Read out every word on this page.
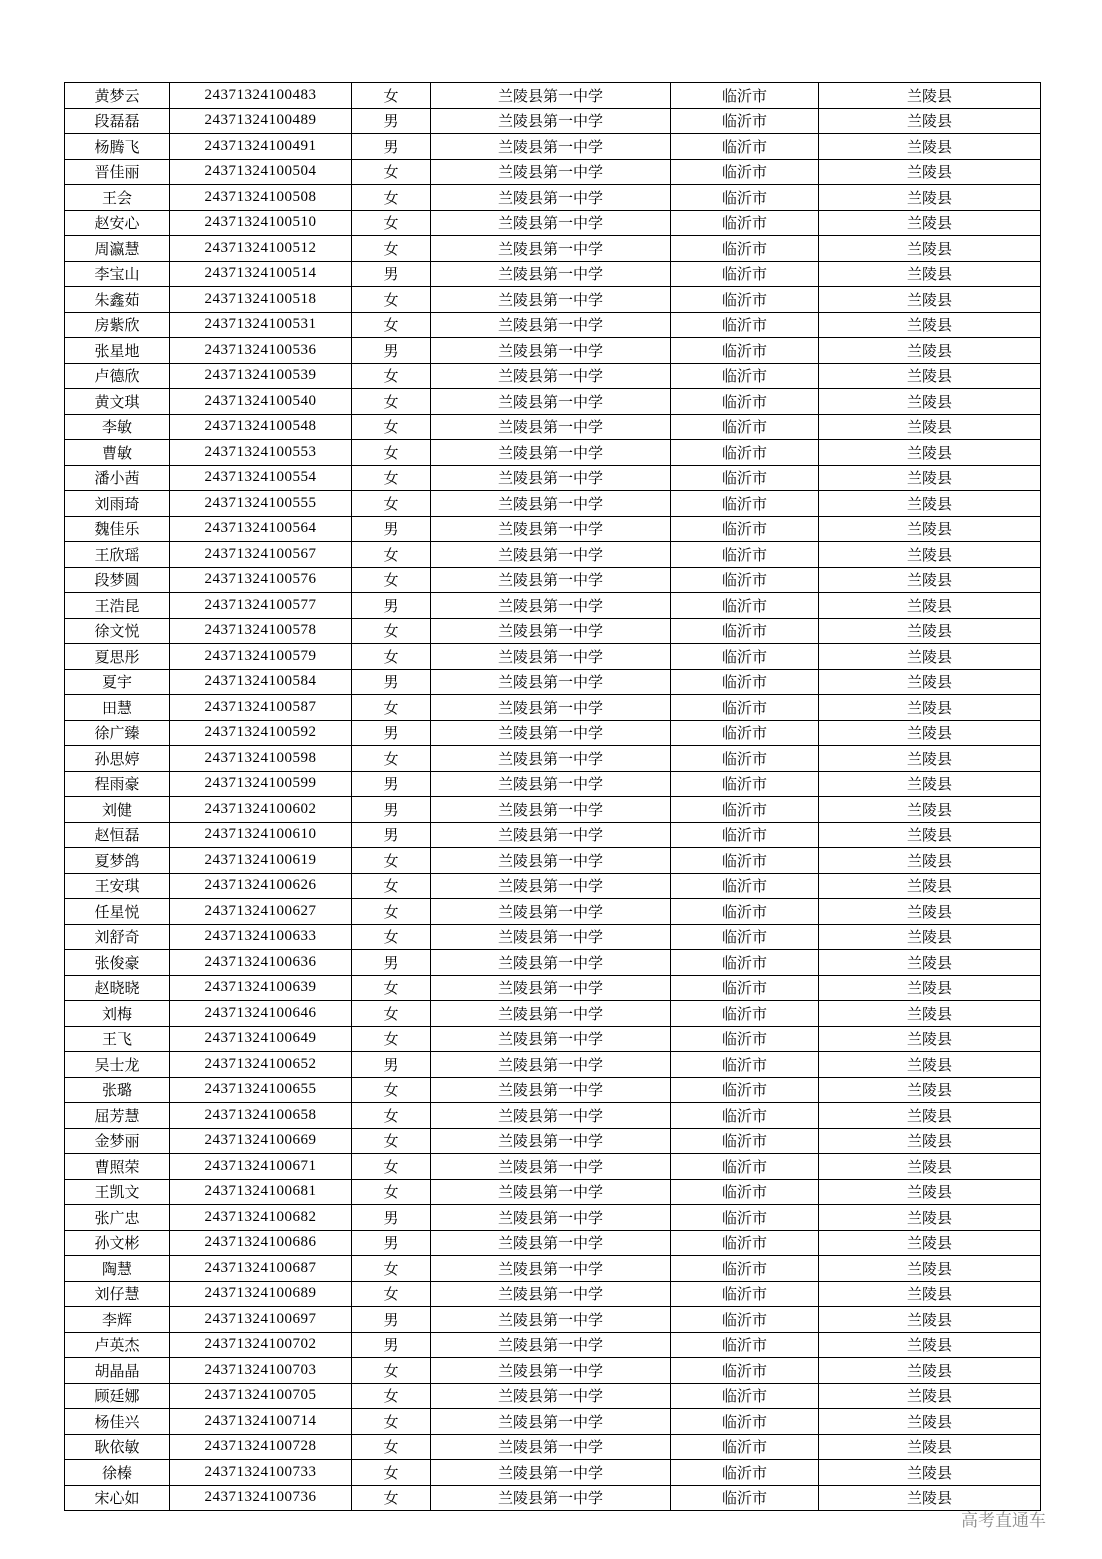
黄梦云	24371324100483	女	兰陵县第一中学	临沂市	兰陵县
段磊磊	24371324100489	男	兰陵县第一中学	临沂市	兰陵县
杨腾飞	24371324100491	男	兰陵县第一中学	临沂市	兰陵县
晋佳丽	24371324100504	女	兰陵县第一中学	临沂市	兰陵县
王会	24371324100508	女	兰陵县第一中学	临沂市	兰陵县
赵安心	24371324100510	女	兰陵县第一中学	临沂市	兰陵县
周瀛慧	24371324100512	女	兰陵县第一中学	临沂市	兰陵县
李宝山	24371324100514	男	兰陵县第一中学	临沂市	兰陵县
朱鑫茹	24371324100518	女	兰陵县第一中学	临沂市	兰陵县
房紫欣	24371324100531	女	兰陵县第一中学	临沂市	兰陵县
张星地	24371324100536	男	兰陵县第一中学	临沂市	兰陵县
卢德欣	24371324100539	女	兰陵县第一中学	临沂市	兰陵县
黄文琪	24371324100540	女	兰陵县第一中学	临沂市	兰陵县
李敏	24371324100548	女	兰陵县第一中学	临沂市	兰陵县
曹敏	24371324100553	女	兰陵县第一中学	临沂市	兰陵县
潘小茜	24371324100554	女	兰陵县第一中学	临沂市	兰陵县
刘雨琦	24371324100555	女	兰陵县第一中学	临沂市	兰陵县
魏佳乐	24371324100564	男	兰陵县第一中学	临沂市	兰陵县
王欣瑶	24371324100567	女	兰陵县第一中学	临沂市	兰陵县
段梦圆	24371324100576	女	兰陵县第一中学	临沂市	兰陵县
王浩昆	24371324100577	男	兰陵县第一中学	临沂市	兰陵县
徐文悦	24371324100578	女	兰陵县第一中学	临沂市	兰陵县
夏思彤	24371324100579	女	兰陵县第一中学	临沂市	兰陵县
夏宇	24371324100584	男	兰陵县第一中学	临沂市	兰陵县
田慧	24371324100587	女	兰陵县第一中学	临沂市	兰陵县
徐广臻	24371324100592	男	兰陵县第一中学	临沂市	兰陵县
孙思婷	24371324100598	女	兰陵县第一中学	临沂市	兰陵县
程雨豪	24371324100599	男	兰陵县第一中学	临沂市	兰陵县
刘健	24371324100602	男	兰陵县第一中学	临沂市	兰陵县
赵恒磊	24371324100610	男	兰陵县第一中学	临沂市	兰陵县
夏梦鸽	24371324100619	女	兰陵县第一中学	临沂市	兰陵县
王安琪	24371324100626	女	兰陵县第一中学	临沂市	兰陵县
任星悦	24371324100627	女	兰陵县第一中学	临沂市	兰陵县
刘舒奇	24371324100633	女	兰陵县第一中学	临沂市	兰陵县
张俊豪	24371324100636	男	兰陵县第一中学	临沂市	兰陵县
赵晓晓	24371324100639	女	兰陵县第一中学	临沂市	兰陵县
刘梅	24371324100646	女	兰陵县第一中学	临沂市	兰陵县
王飞	24371324100649	女	兰陵县第一中学	临沂市	兰陵县
吴士龙	24371324100652	男	兰陵县第一中学	临沂市	兰陵县
张璐	24371324100655	女	兰陵县第一中学	临沂市	兰陵县
屈芳慧	24371324100658	女	兰陵县第一中学	临沂市	兰陵县
金梦丽	24371324100669	女	兰陵县第一中学	临沂市	兰陵县
曹照荣	24371324100671	女	兰陵县第一中学	临沂市	兰陵县
王凯文	24371324100681	女	兰陵县第一中学	临沂市	兰陵县
张广忠	24371324100682	男	兰陵县第一中学	临沂市	兰陵县
孙文彬	24371324100686	男	兰陵县第一中学	临沂市	兰陵县
陶慧	24371324100687	女	兰陵县第一中学	临沂市	兰陵县
刘仔慧	24371324100689	女	兰陵县第一中学	临沂市	兰陵县
李辉	24371324100697	男	兰陵县第一中学	临沂市	兰陵县
卢英杰	24371324100702	男	兰陵县第一中学	临沂市	兰陵县
胡晶晶	24371324100703	女	兰陵县第一中学	临沂市	兰陵县
顾廷娜	24371324100705	女	兰陵县第一中学	临沂市	兰陵县
杨佳兴	24371324100714	女	兰陵县第一中学	临沂市	兰陵县
耿依敏	24371324100728	女	兰陵县第一中学	临沂市	兰陵县
徐榛	24371324100733	女	兰陵县第一中学	临沂市	兰陵县
宋心如	24371324100736	女	兰陵县第一中学	临沂市	兰陵县
高考直通车
